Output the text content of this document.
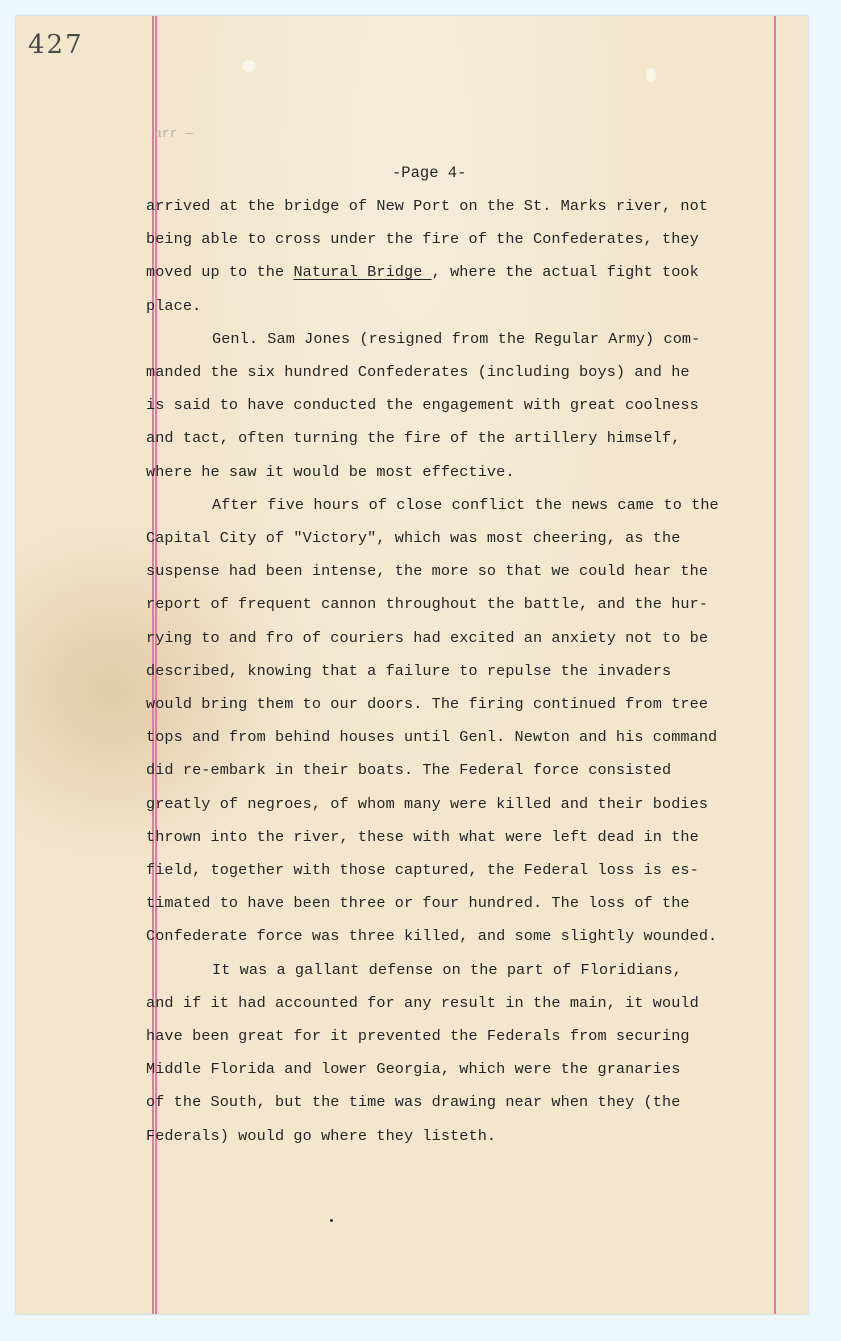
427
arr —
-Page 4-
arrived at the bridge of New Port on the St. Marks river, not
being able to cross under the fire of the Confederates, they
moved up to the Natural Bridge , where the actual fight took
place.
Genl. Sam Jones (resigned from the Regular Army) com-
manded the six hundred Confederates (including boys) and he
is said to have conducted the engagement with great coolness
and tact, often turning the fire of the artillery himself,
where he saw it would be most effective.
After five hours of close conflict the news came to the
Capital City of "Victory", which was most cheering, as the
suspense had been intense, the more so that we could hear the
report of frequent cannon throughout the battle, and the hur-
rying to and fro of couriers had excited an anxiety not to be
described, knowing that a failure to repulse the invaders
would bring them to our doors. The firing continued from tree
tops and from behind houses until Genl. Newton and his command
did re-embark in their boats. The Federal force consisted
greatly of negroes, of whom many were killed and their bodies
thrown into the river, these with what were left dead in the
field, together with those captured, the Federal loss is es-
timated to have been three or four hundred. The loss of the
Confederate force was three killed, and some slightly wounded.
It was a gallant defense on the part of Floridians,
and if it had accounted for any result in the main, it would
have been great for it prevented the Federals from securing
Middle Florida and lower Georgia, which were the granaries
of the South, but the time was drawing near when they (the
Federals) would go where they listeth.
